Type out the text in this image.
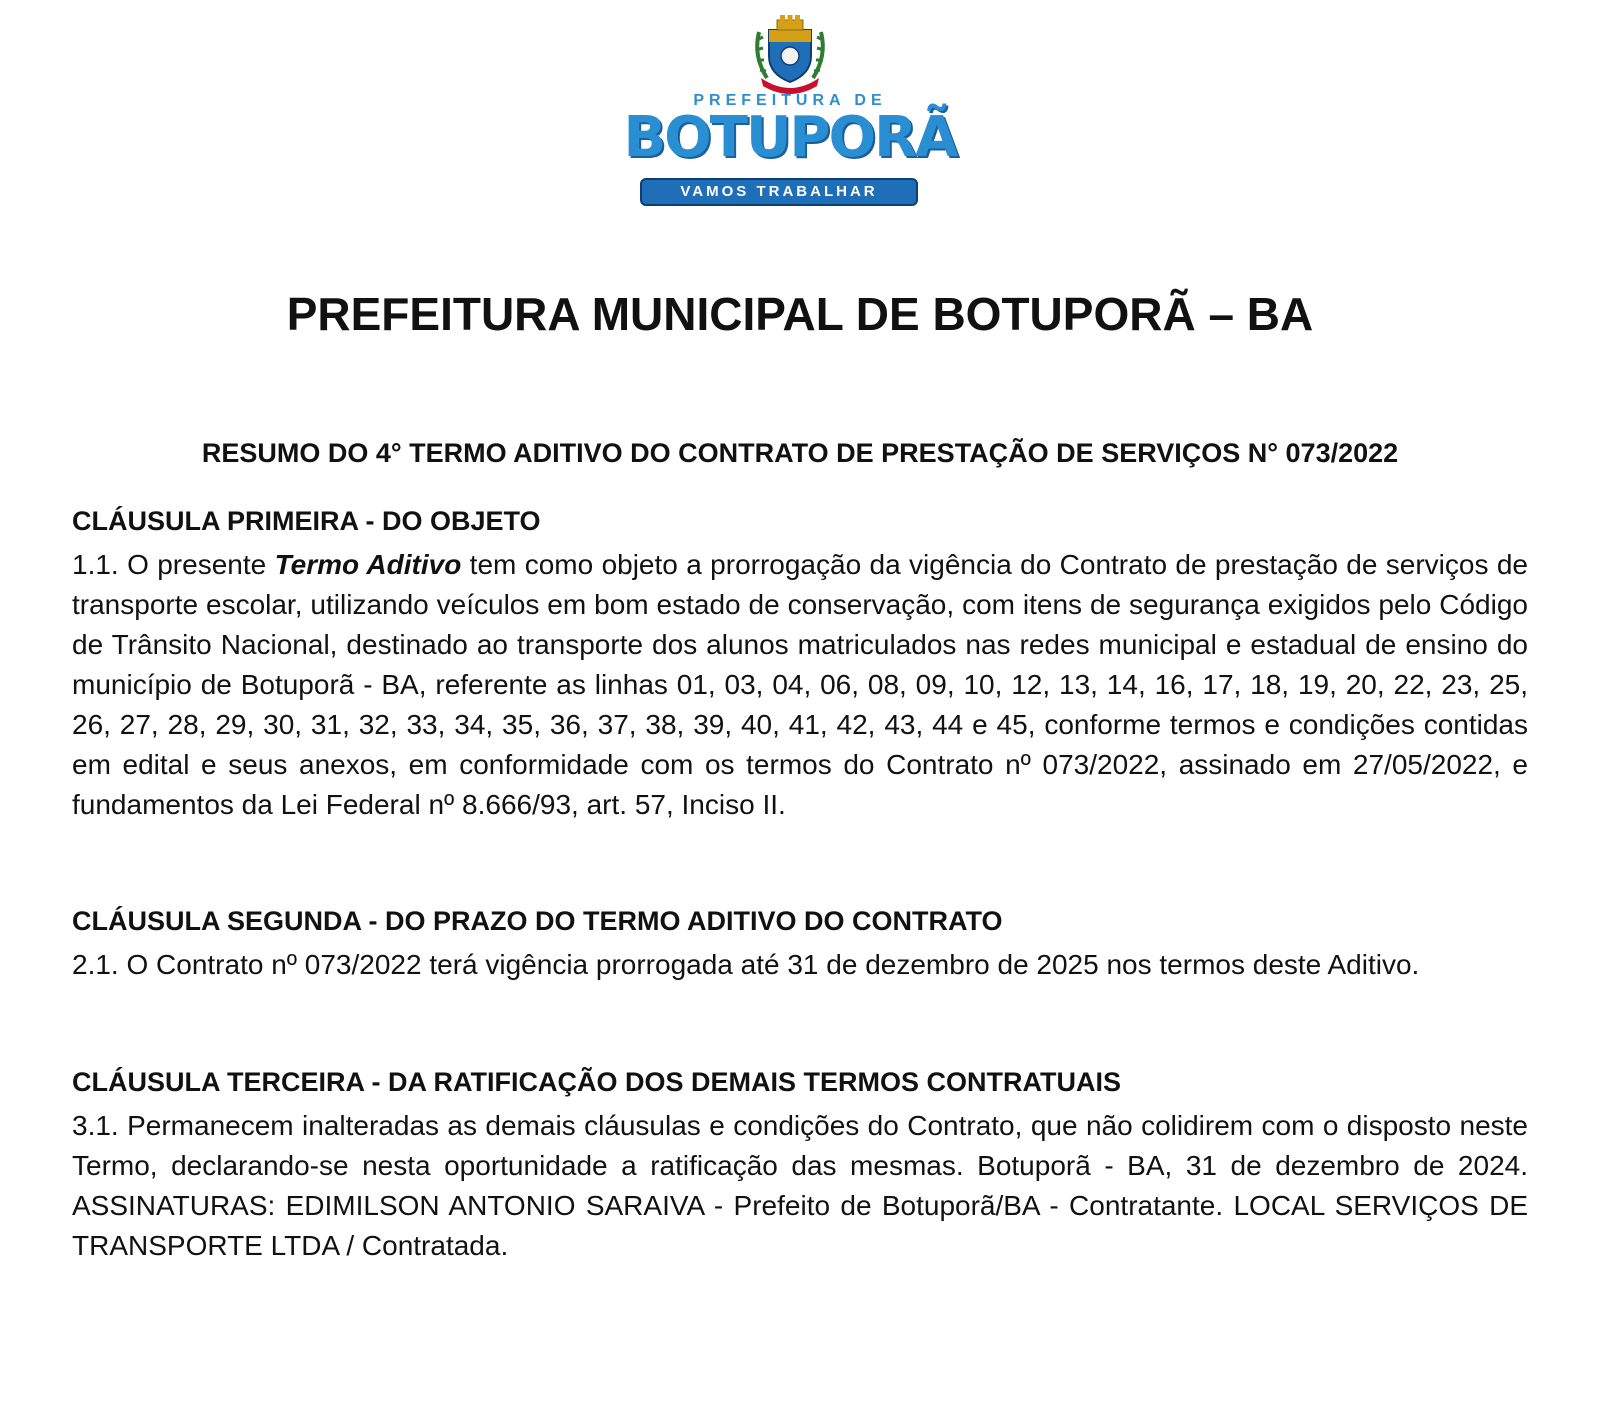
PREFEITURA DE
BOTUPORÃ
VAMOS TRABALHAR
PREFEITURA MUNICIPAL DE BOTUPORÃ – BA
RESUMO DO 4° TERMO ADITIVO DO CONTRATO DE PRESTAÇÃO DE SERVIÇOS N° 073/2022
CLÁUSULA PRIMEIRA - DO OBJETO

1.1. O presente Termo Aditivo tem como objeto a prorrogação da vigência do Contrato de prestação de serviços de transporte escolar, utilizando veículos em bom estado de conservação, com itens de segurança exigidos pelo Código de Trânsito Nacional, destinado ao transporte dos alunos matriculados nas redes municipal e estadual de ensino do município de Botuporã - BA, referente as linhas 01, 03, 04, 06, 08, 09, 10, 12, 13, 14, 16, 17, 18, 19, 20, 22, 23, 25, 26, 27, 28, 29, 30, 31, 32, 33, 34, 35, 36, 37, 38, 39, 40, 41, 42, 43, 44 e 45, conforme termos e condições contidas em edital e seus anexos, em conformidade com os termos do Contrato nº 073/2022, assinado em 27/05/2022, e fundamentos da Lei Federal nº 8.666/93, art. 57, Inciso II.

CLÁUSULA SEGUNDA - DO PRAZO DO TERMO ADITIVO DO CONTRATO

2.1. O Contrato nº 073/2022 terá vigência prorrogada até 31 de dezembro de 2025 nos termos deste Aditivo.

CLÁUSULA TERCEIRA - DA RATIFICAÇÃO DOS DEMAIS TERMOS CONTRATUAIS

3.1. Permanecem inalteradas as demais cláusulas e condições do Contrato, que não colidirem com o disposto neste Termo, declarando-se nesta oportunidade a ratificação das mesmas. Botuporã - BA, 31 de dezembro de 2024. ASSINATURAS: EDIMILSON ANTONIO SARAIVA - Prefeito de Botuporã/BA - Contratante. LOCAL SERVIÇOS DE TRANSPORTE LTDA / Contratada.
